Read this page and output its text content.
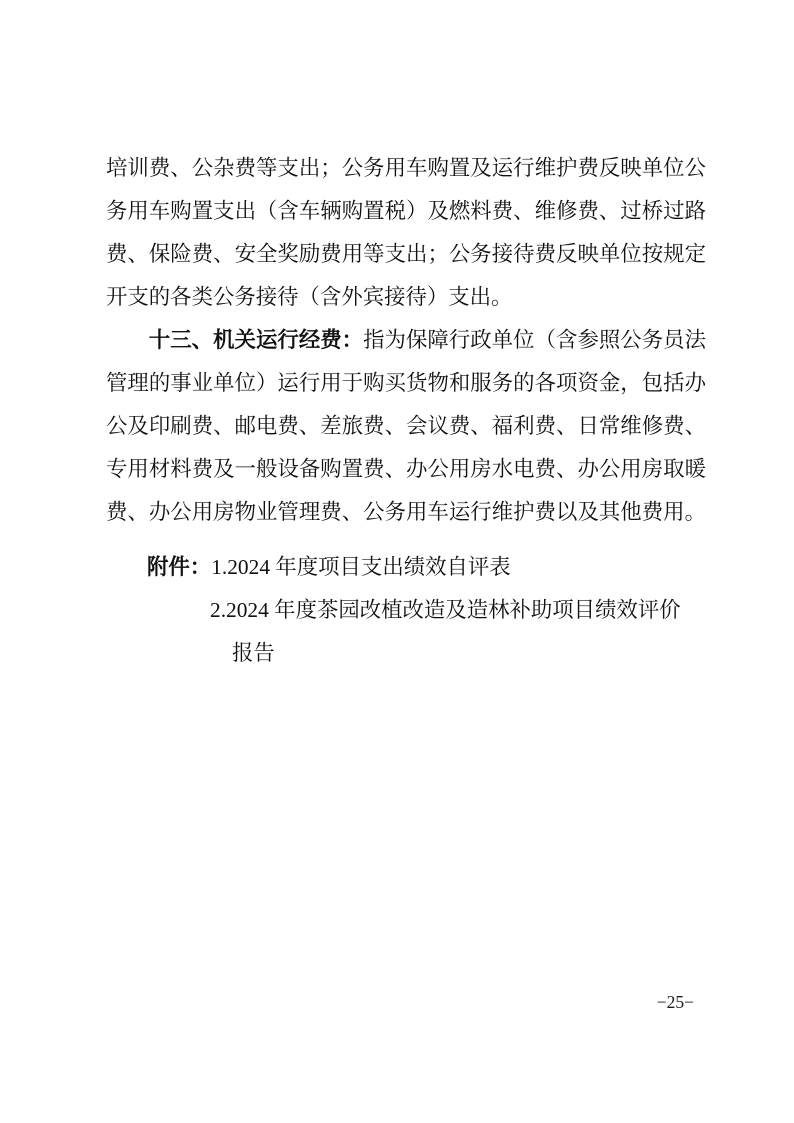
培训费、公杂费等支出；公务用车购置及运行维护费反映单位公
务用车购置支出（含车辆购置税）及燃料费、维修费、过桥过路
费、保险费、安全奖励费用等支出；公务接待费反映单位按规定
开支的各类公务接待（含外宾接待）支出。
十三、机关运行经费：指为保障行政单位（含参照公务员法
管理的事业单位）运行用于购买货物和服务的各项资金，包括办
公及印刷费、邮电费、差旅费、会议费、福利费、日常维修费、
专用材料费及一般设备购置费、办公用房水电费、办公用房取暖
费、办公用房物业管理费、公务用车运行维护费以及其他费用。
附件：1.2024 年度项目支出绩效自评表
2.2024 年度茶园改植改造及造林补助项目绩效评价
报告
−25−
